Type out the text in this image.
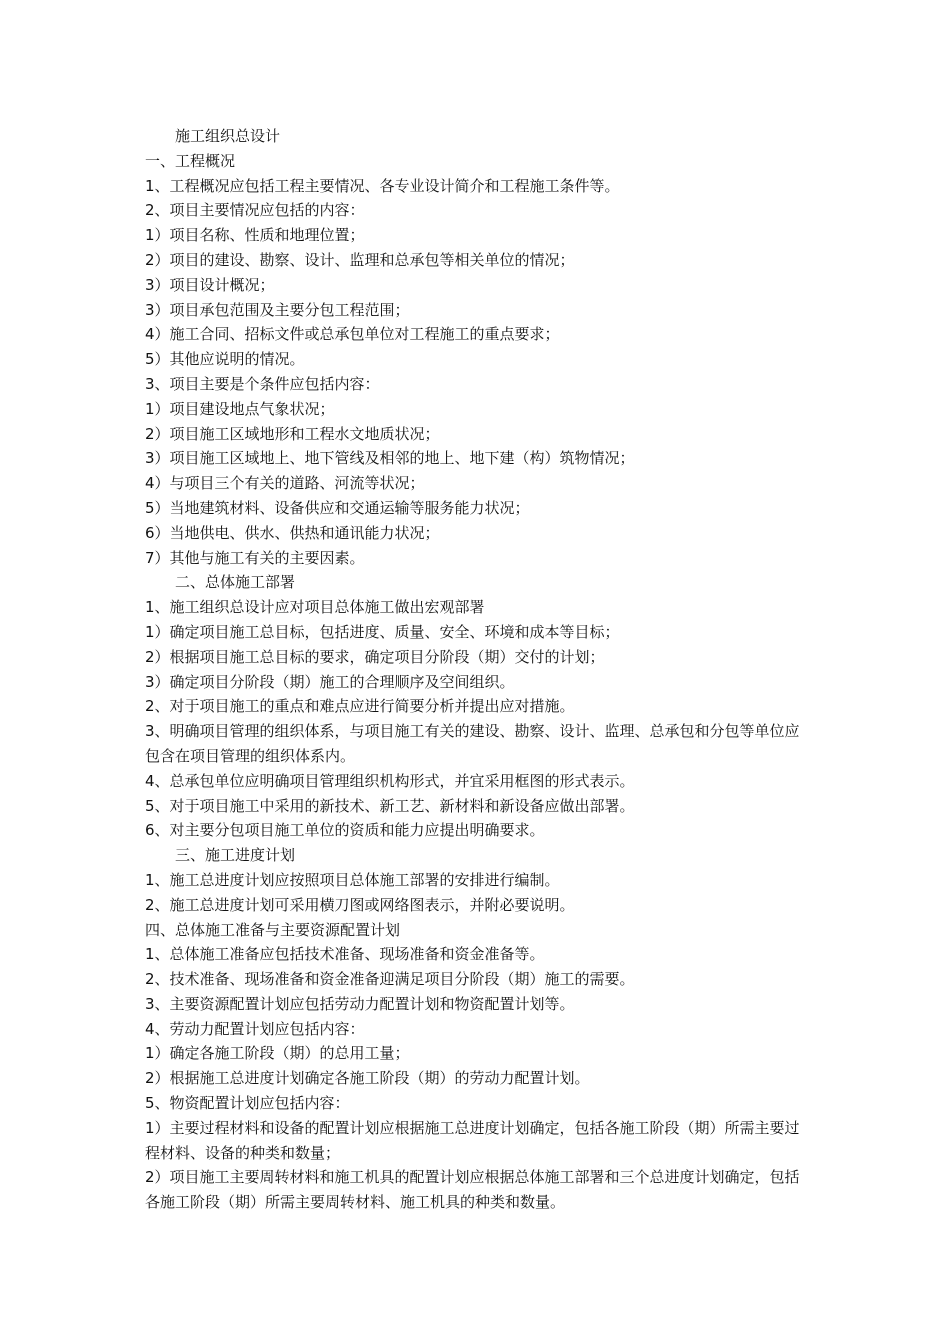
施工组织总设计

一、工程概况

1、工程概况应包括工程主要情况、各专业设计简介和工程施工条件等。

2、项目主要情况应包括的内容：

1）项目名称、性质和地理位置；

2）项目的建设、勘察、设计、监理和总承包等相关单位的情况；

3）项目设计概况；

3）项目承包范围及主要分包工程范围；

4）施工合同、招标文件或总承包单位对工程施工的重点要求；

5）其他应说明的情况。

3、项目主要是个条件应包括内容：

1）项目建设地点气象状况；

2）项目施工区域地形和工程水文地质状况；

3）项目施工区域地上、地下管线及相邻的地上、地下建（构）筑物情况；

4）与项目三个有关的道路、河流等状况；

5）当地建筑材料、设备供应和交通运输等服务能力状况；

6）当地供电、供水、供热和通讯能力状况；

7）其他与施工有关的主要因素。

二、总体施工部署

1、施工组织总设计应对项目总体施工做出宏观部署

1）确定项目施工总目标，包括进度、质量、安全、环境和成本等目标；

2）根据项目施工总目标的要求，确定项目分阶段（期）交付的计划；

3）确定项目分阶段（期）施工的合理顺序及空间组织。

2、对于项目施工的重点和难点应进行简要分析并提出应对措施。

3、明确项目管理的组织体系，与项目施工有关的建设、勘察、设计、监理、总承包和分包等单位应包含在项目管理的组织体系内。

4、总承包单位应明确项目管理组织机构形式，并宜采用框图的形式表示。

5、对于项目施工中采用的新技术、新工艺、新材料和新设备应做出部署。

6、对主要分包项目施工单位的资质和能力应提出明确要求。

三、施工进度计划

1、施工总进度计划应按照项目总体施工部署的安排进行编制。

2、施工总进度计划可采用横刀图或网络图表示，并附必要说明。

四、总体施工准备与主要资源配置计划

1、总体施工准备应包括技术准备、现场准备和资金准备等。

2、技术准备、现场准备和资金准备迎满足项目分阶段（期）施工的需要。

3、主要资源配置计划应包括劳动力配置计划和物资配置计划等。

4、劳动力配置计划应包括内容：

1）确定各施工阶段（期）的总用工量；

2）根据施工总进度计划确定各施工阶段（期）的劳动力配置计划。

5、物资配置计划应包括内容：

1）主要过程材料和设备的配置计划应根据施工总进度计划确定，包括各施工阶段（期）所需主要过程材料、设备的种类和数量；

2）项目施工主要周转材料和施工机具的配置计划应根据总体施工部署和三个总进度计划确定，包括各施工阶段（期）所需主要周转材料、施工机具的种类和数量。
